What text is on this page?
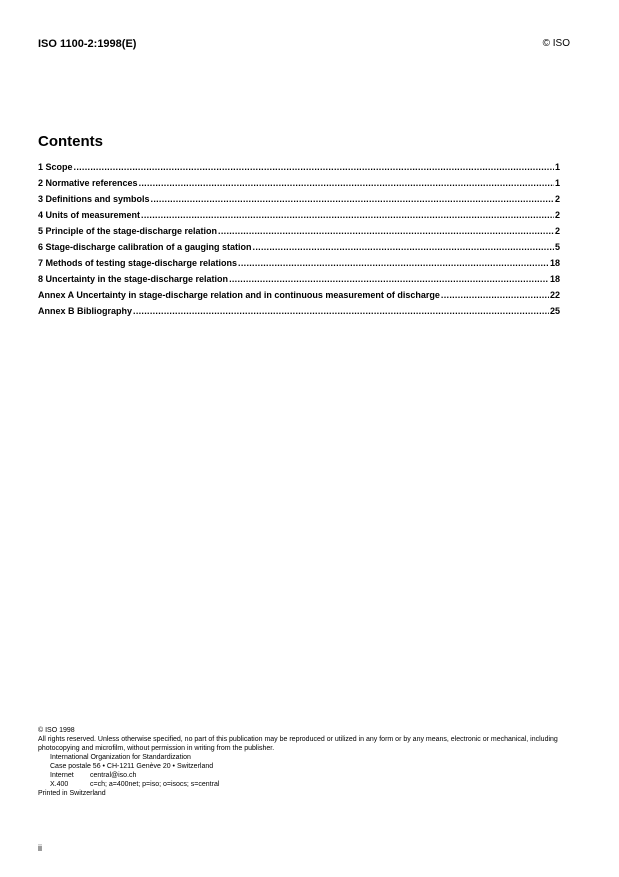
ISO 1100-2:1998(E)	© ISO
Contents
1 Scope .....	1
2 Normative references .....	1
3 Definitions and symbols .....	2
4 Units of measurement .....	2
5 Principle of the stage-discharge relation .....	2
6 Stage-discharge calibration of a gauging station .....	5
7 Methods of testing stage-discharge relations .....	18
8 Uncertainty in the stage-discharge relation .....	18
Annex A Uncertainty in stage-discharge relation and in continuous measurement of discharge .....	22
Annex B Bibliography .....	25
© ISO 1998
All rights reserved. Unless otherwise specified, no part of this publication may be reproduced or utilized in any form or by any means, electronic or mechanical, including photocopying and microfilm, without permission in writing from the publisher.
International Organization for Standardization
Case postale 56 • CH-1211 Genève 20 • Switzerland
Internet	central@iso.ch
X.400	c=ch; a=400net; p=iso; o=isocs; s=central
Printed in Switzerland
ii
